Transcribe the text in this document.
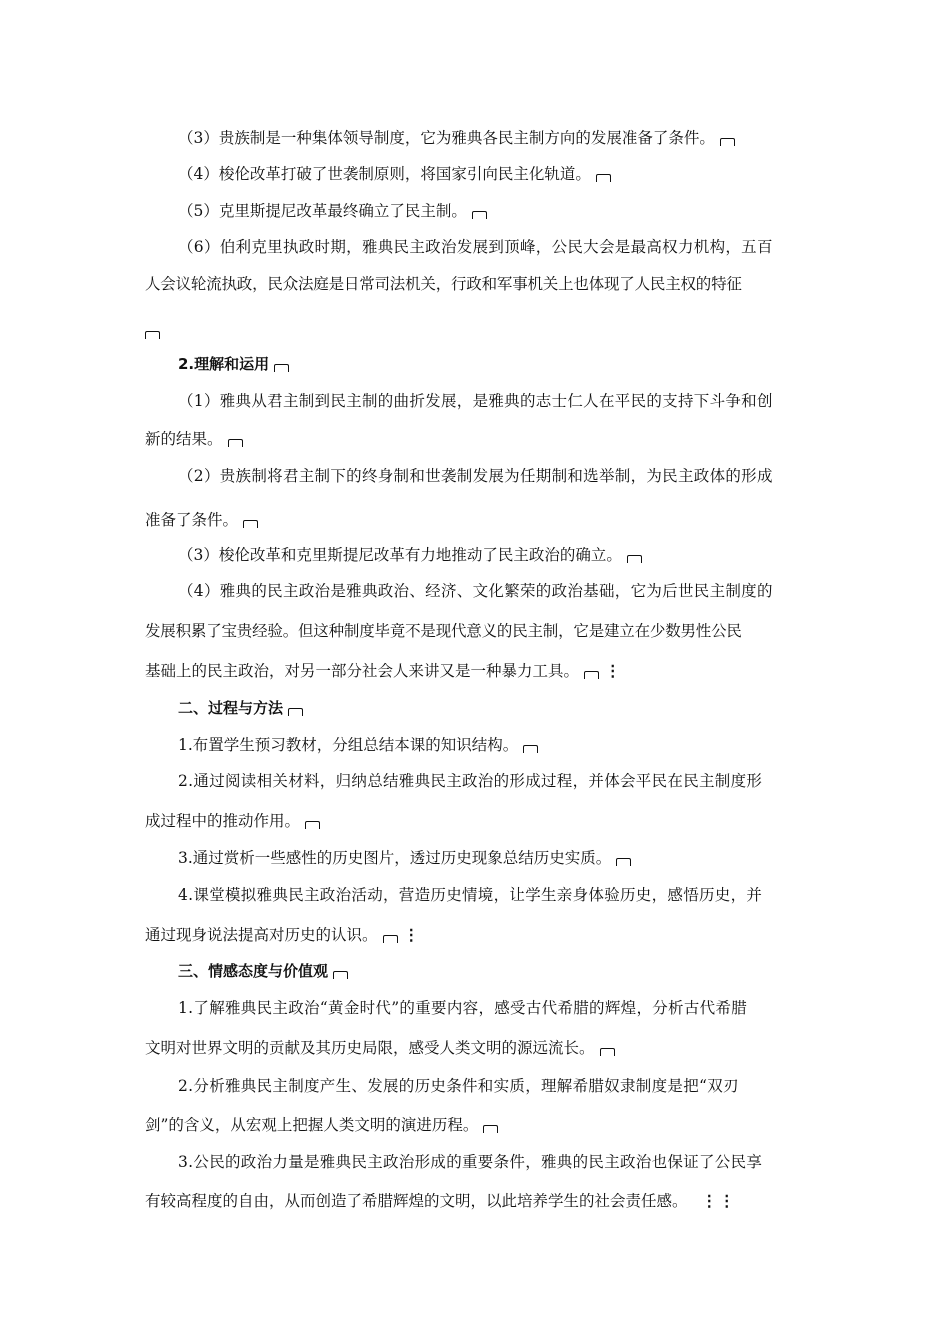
（3）贵族制是一种集体领导制度，它为雅典各民主制方向的发展准备了条件。
（4）梭伦改革打破了世袭制原则，将国家引向民主化轨道。
（5）克里斯提尼改革最终确立了民主制。
（6）伯利克里执政时期，雅典民主政治发展到顶峰，公民大会是最高权力机构，五百
人会议轮流执政，民众法庭是日常司法机关，行政和军事机关上也体现了人民主权的特征
2.理解和运用
（1）雅典从君主制到民主制的曲折发展，是雅典的志士仁人在平民的支持下斗争和创
新的结果。
（2）贵族制将君主制下的终身制和世袭制发展为任期制和选举制，为民主政体的形成
准备了条件。
（3）梭伦改革和克里斯提尼改革有力地推动了民主政治的确立。
（4）雅典的民主政治是雅典政治、经济、文化繁荣的政治基础，它为后世民主制度的
发展积累了宝贵经验。但这种制度毕竟不是现代意义的民主制，它是建立在少数男性公民
基础上的民主政治，对另一部分社会人来讲又是一种暴力工具。 ⋮
二、过程与方法
1.布置学生预习教材，分组总结本课的知识结构。
2.通过阅读相关材料，归纳总结雅典民主政治的形成过程，并体会平民在民主制度形
成过程中的推动作用。
3.通过赏析一些感性的历史图片，透过历史现象总结历史实质。
4.课堂模拟雅典民主政治活动，营造历史情境，让学生亲身体验历史，感悟历史，并
通过现身说法提高对历史的认识。 ⋮
三、情感态度与价值观
1.了解雅典民主政治“黄金时代”的重要内容，感受古代希腊的辉煌，分析古代希腊
文明对世界文明的贡献及其历史局限，感受人类文明的源远流长。
2.分析雅典民主制度产生、发展的历史条件和实质，理解希腊奴隶制度是把“双刃
剑”的含义，从宏观上把握人类文明的演进历程。
3.公民的政治力量是雅典民主政治形成的重要条件，雅典的民主政治也保证了公民享
有较高程度的自由，从而创造了希腊辉煌的文明，以此培养学生的社会责任感。 ⋮⋮
